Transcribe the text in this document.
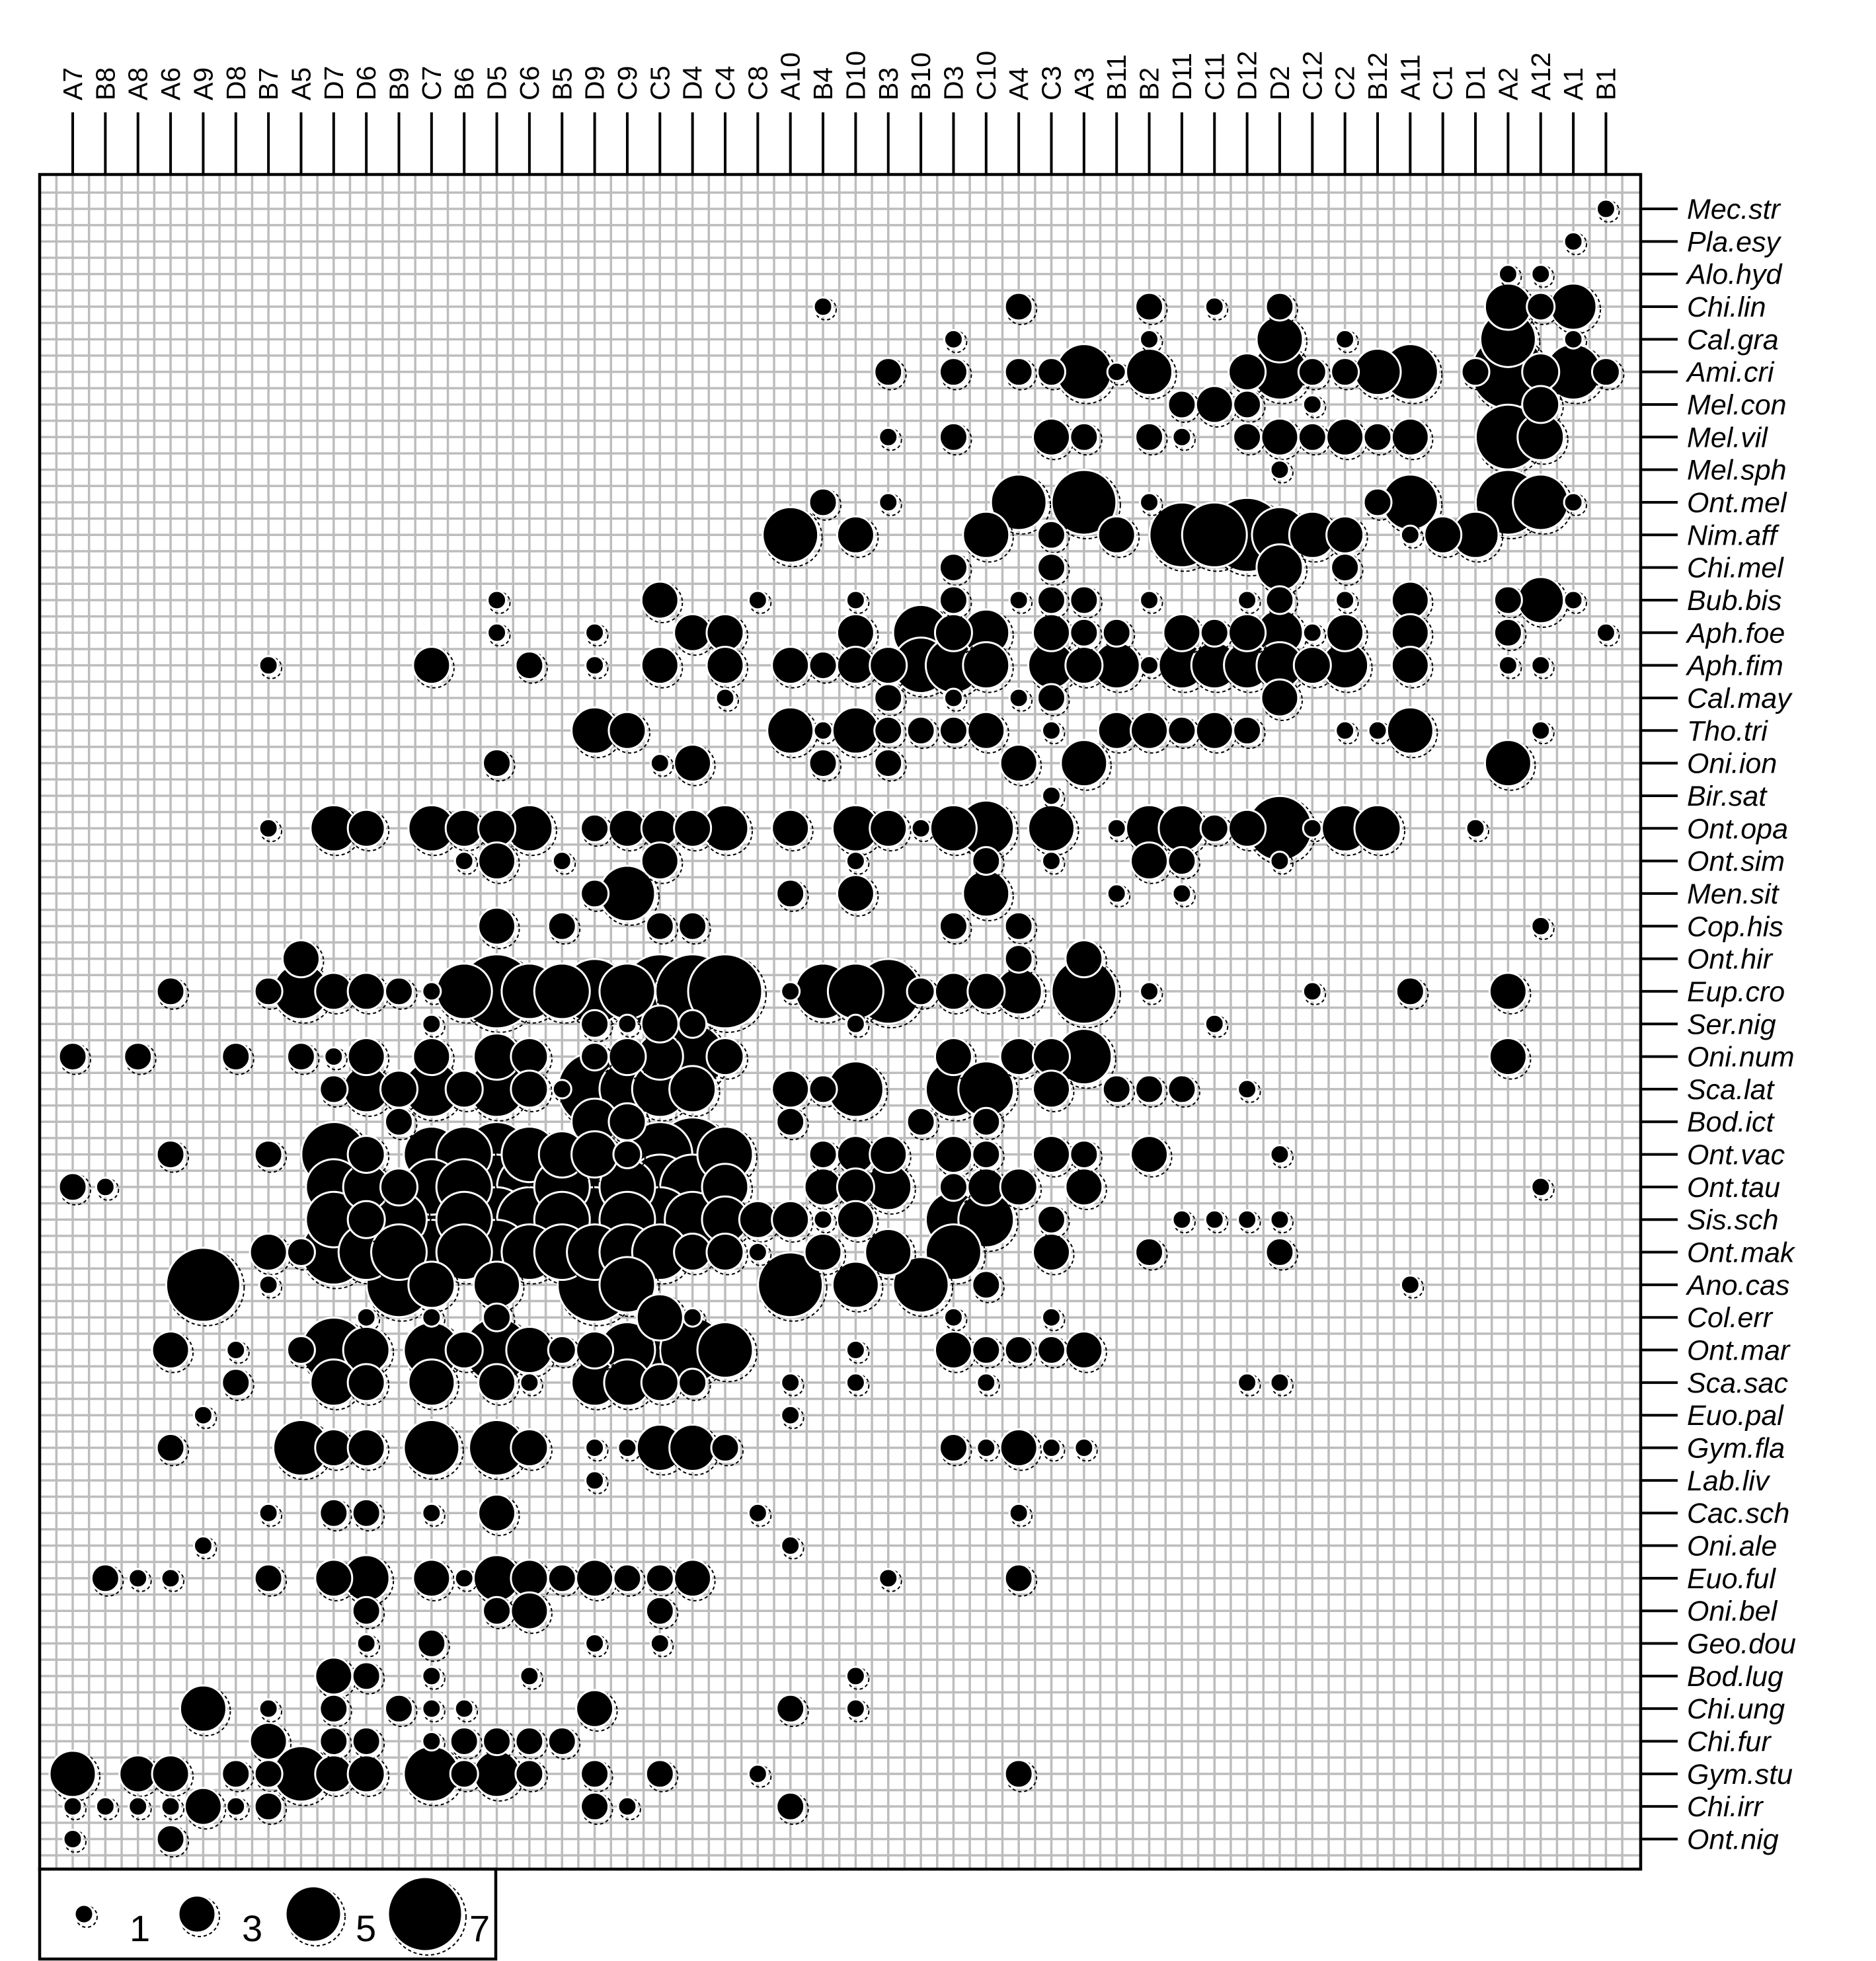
A7 B8 A8 A6 A9 D8 B7 A5 D7 D6 B9 C7 B6 D5 C6 B5 D9 C9 C5 D4 C4 C8 A10 B4 D10 B3 B10 D3 C10 A4 C3 A3 B11 B2 D11 C11 D12 D2 C12 C2 B12 A11 C1 D1 A2 A12 A1 B1
Mec.str
Pla.esy
Alo.hyd
Chi.lin
Cal.gra
Ami.cri
Mel.con
Mel.vil
Mel.sph
Ont.mel
Nim.aff
Chi.mel
Bub.bis
Aph.foe
Aph.fim
Cal.may
Tho.tri
Oni.ion
Bir.sat
Ont.opa
Ont.sim
Men.sit
Cop.his
Ont.hir
Eup.cro
Ser.nig
Oni.num
Sca.lat
Bod.ict
Ont.vac
Ont.tau
Sis.sch
Ont.mak
Ano.cas
Col.err
Ont.mar
Sca.sac
Euo.pal
Gym.fla
Lab.liv
Cac.sch
Oni.ale
Euo.ful
Oni.bel
Geo.dou
Bod.lug
Chi.ung
Chi.fur
Gym.stu
Chi.irr
Ont.nig
1 3	5	7
